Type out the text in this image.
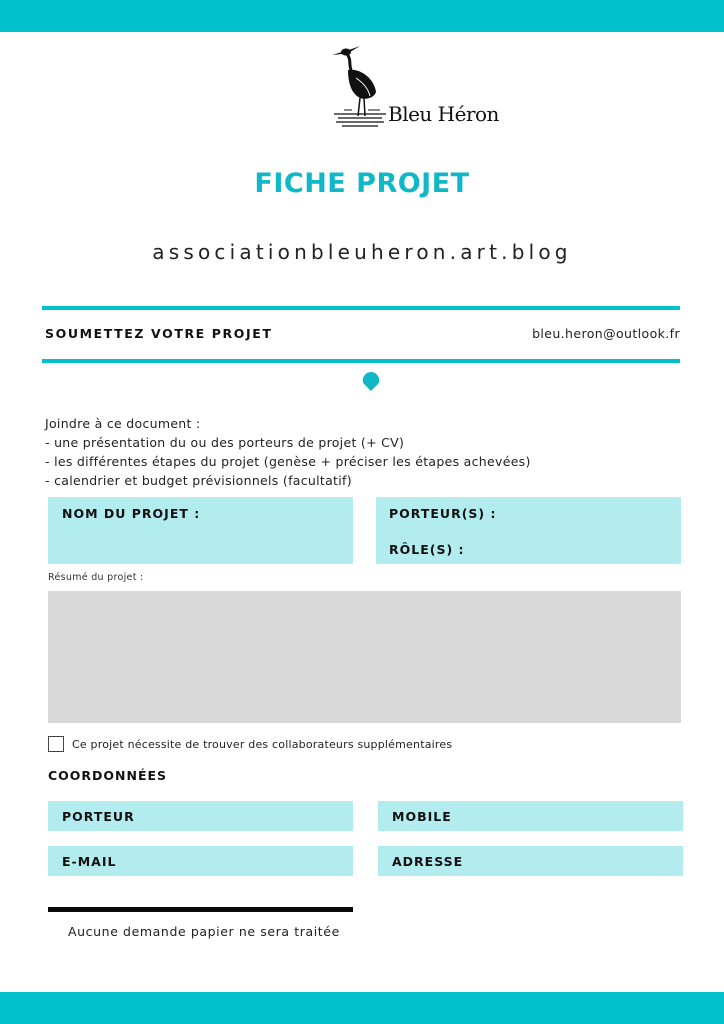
Bleu Héron
FICHE PROJET
associationbleuheron.art.blog
SOUMETTEZ VOTRE PROJET	bleu.heron@outlook.fr
Joindre à ce document :
- une présentation du ou des porteurs de projet (+ CV)
- les différentes étapes du projet (genèse + préciser les étapes achevées)
- calendrier et budget prévisionnels (facultatif)
NOM DU PROJET :	PORTEUR(S) :
RÔLE(S) :
Résumé du projet :
Ce projet nécessite de trouver des collaborateurs supplémentaires
COORDONNÉES
PORTEUR	MOBILE
E-MAIL	ADRESSE
Aucune demande papier ne sera traitée
